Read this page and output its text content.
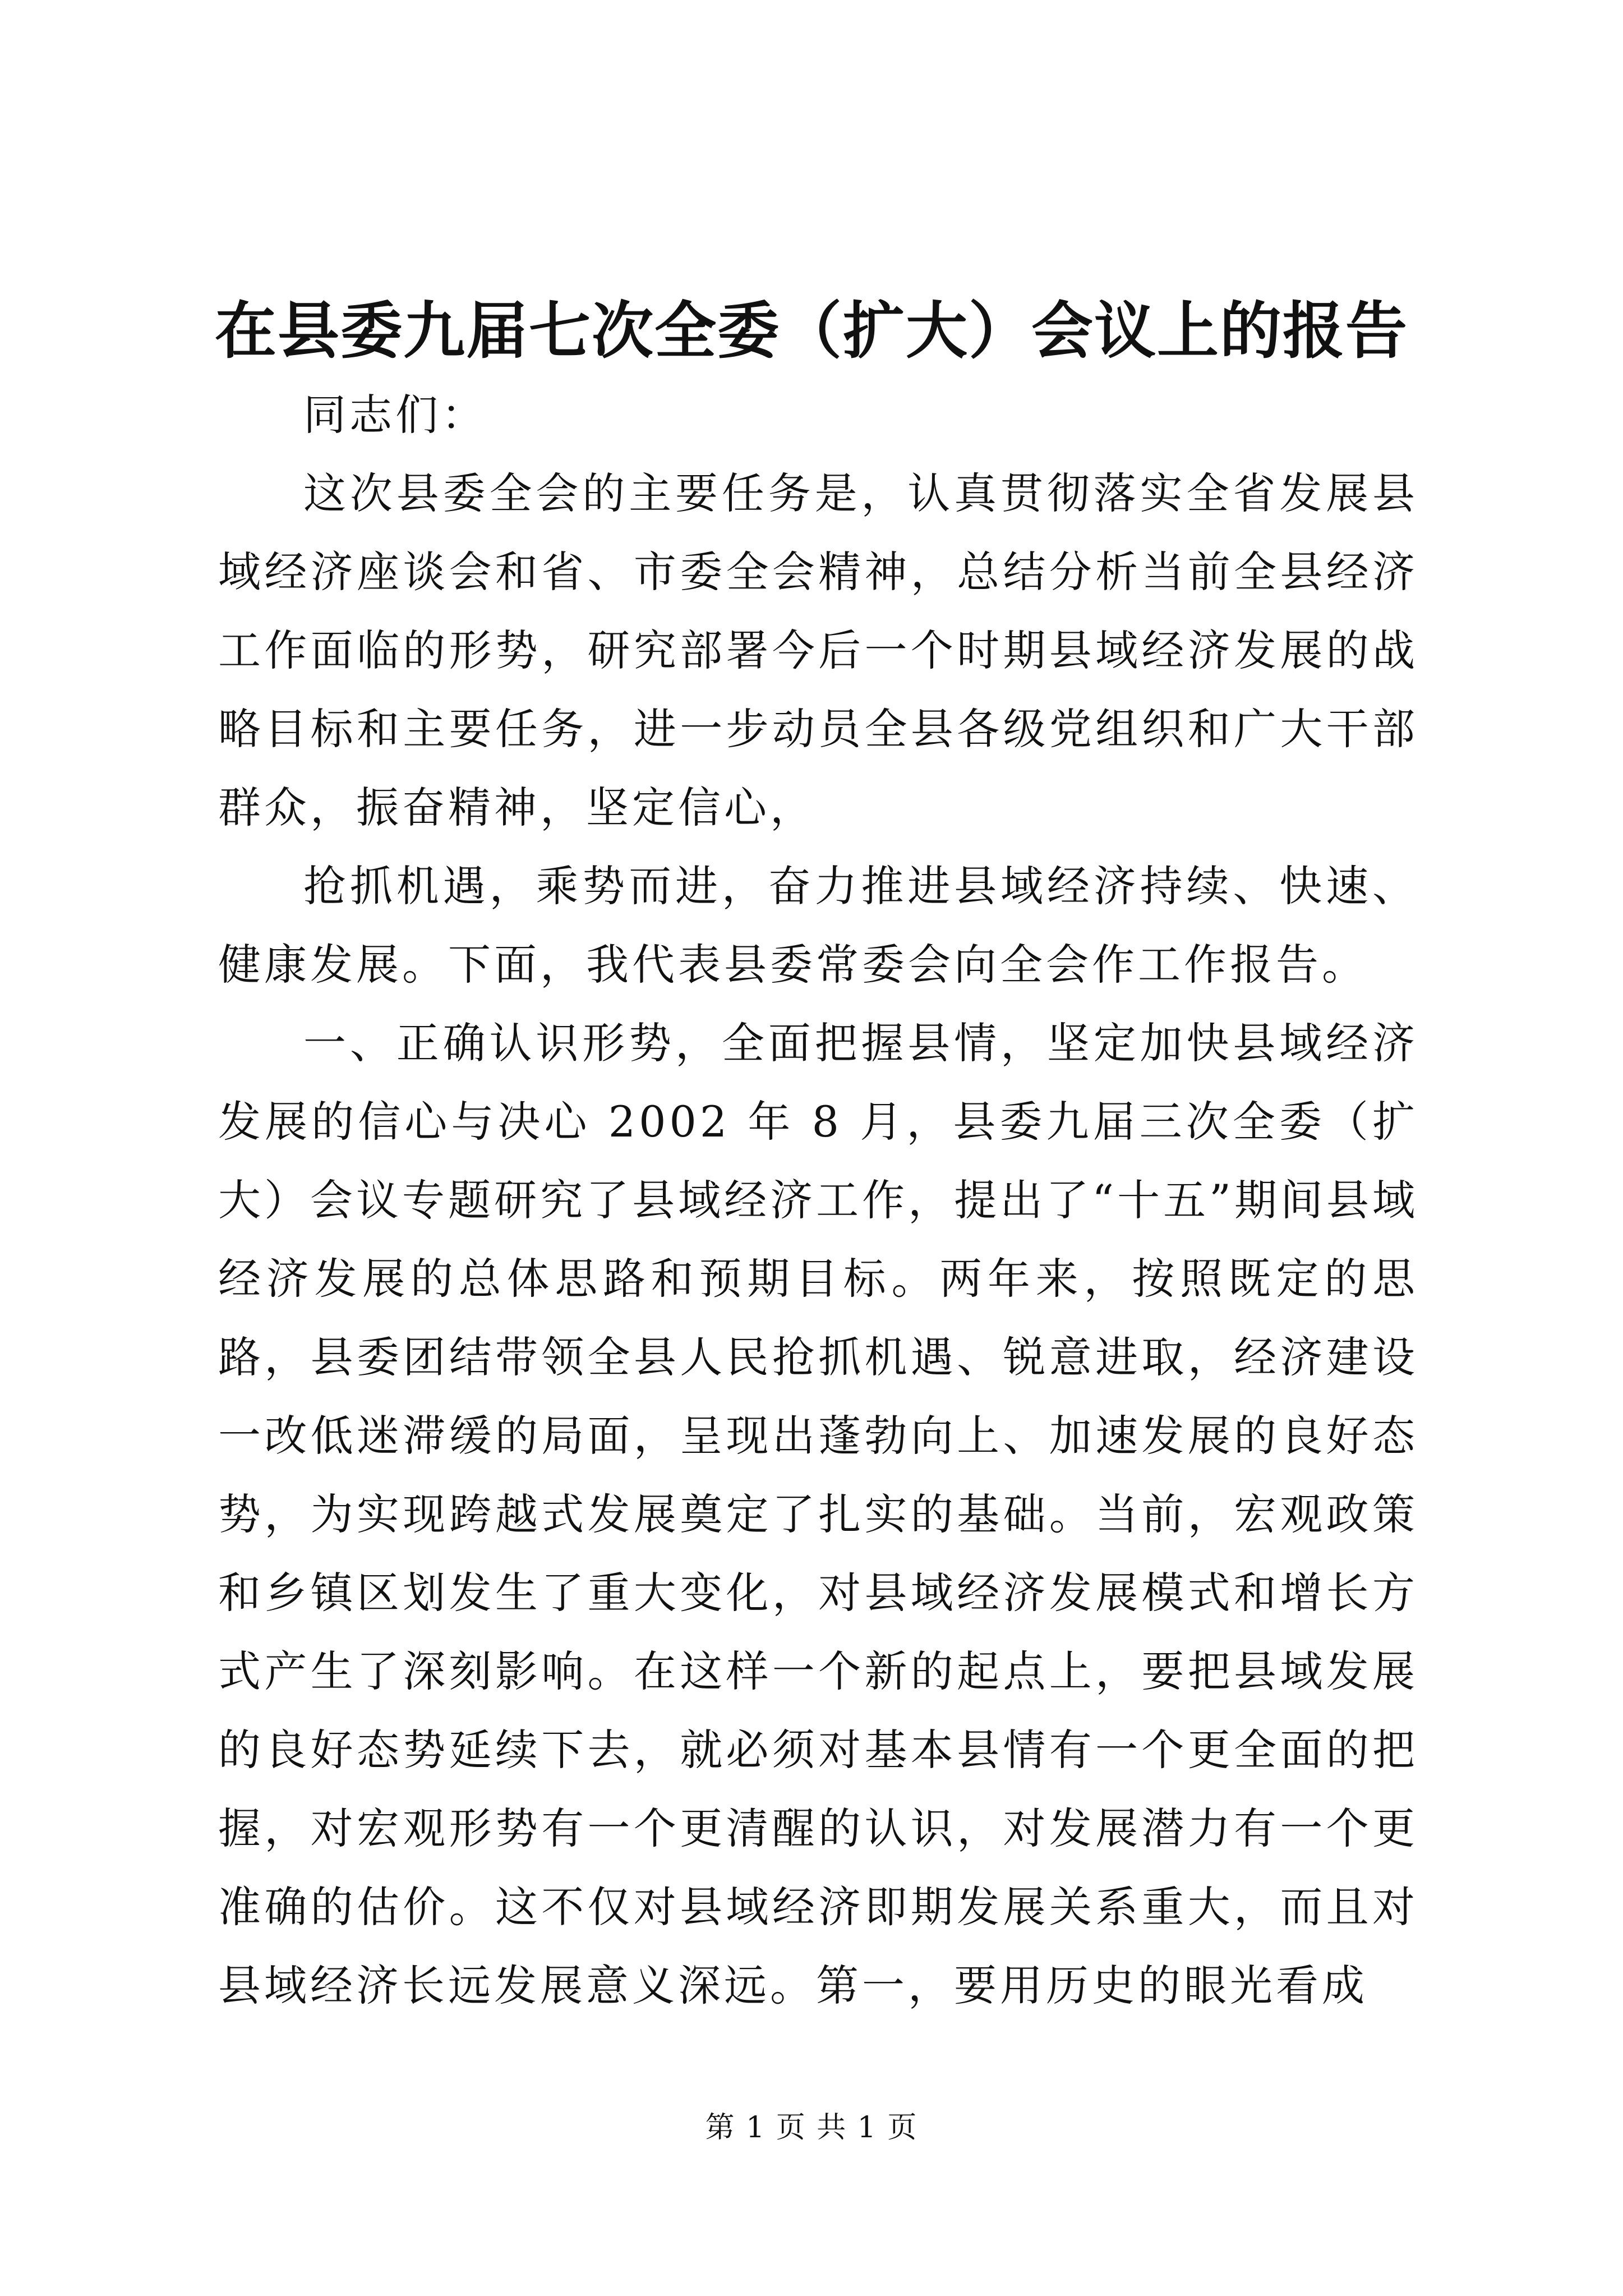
在县委九届七次全委（扩大）会议上的报告

同志们：

这次县委全会的主要任务是，认真贯彻落实全省发展县域经济座谈会和省、市委全会精神，总结分析当前全县经济工作面临的形势，研究部署今后一个时期县域经济发展的战略目标和主要任务，进一步动员全县各级党组织和广大干部群众，振奋精神，坚定信心，

抢抓机遇，乘势而进，奋力推进县域经济持续、快速、健康发展。下面，我代表县委常委会向全会作工作报告。

一、正确认识形势，全面把握县情，坚定加快县域经济发展的信心与决心 2002 年 8 月，县委九届三次全委（扩大）会议专题研究了县域经济工作，提出了“十五”期间县域经济发展的总体思路和预期目标。两年来，按照既定的思路，县委团结带领全县人民抢抓机遇、锐意进取，经济建设一改低迷滞缓的局面，呈现出蓬勃向上、加速发展的良好态势，为实现跨越式发展奠定了扎实的基础。当前，宏观政策和乡镇区划发生了重大变化，对县域经济发展模式和增长方式产生了深刻影响。在这样一个新的起点上，要把县域发展的良好态势延续下去，就必须对基本县情有一个更全面的把握，对宏观形势有一个更清醒的认识，对发展潜力有一个更准确的估价。这不仅对县域经济即期发展关系重大，而且对县域经济长远发展意义深远。第一，要用历史的眼光看成

第 1 页 共 1 页
